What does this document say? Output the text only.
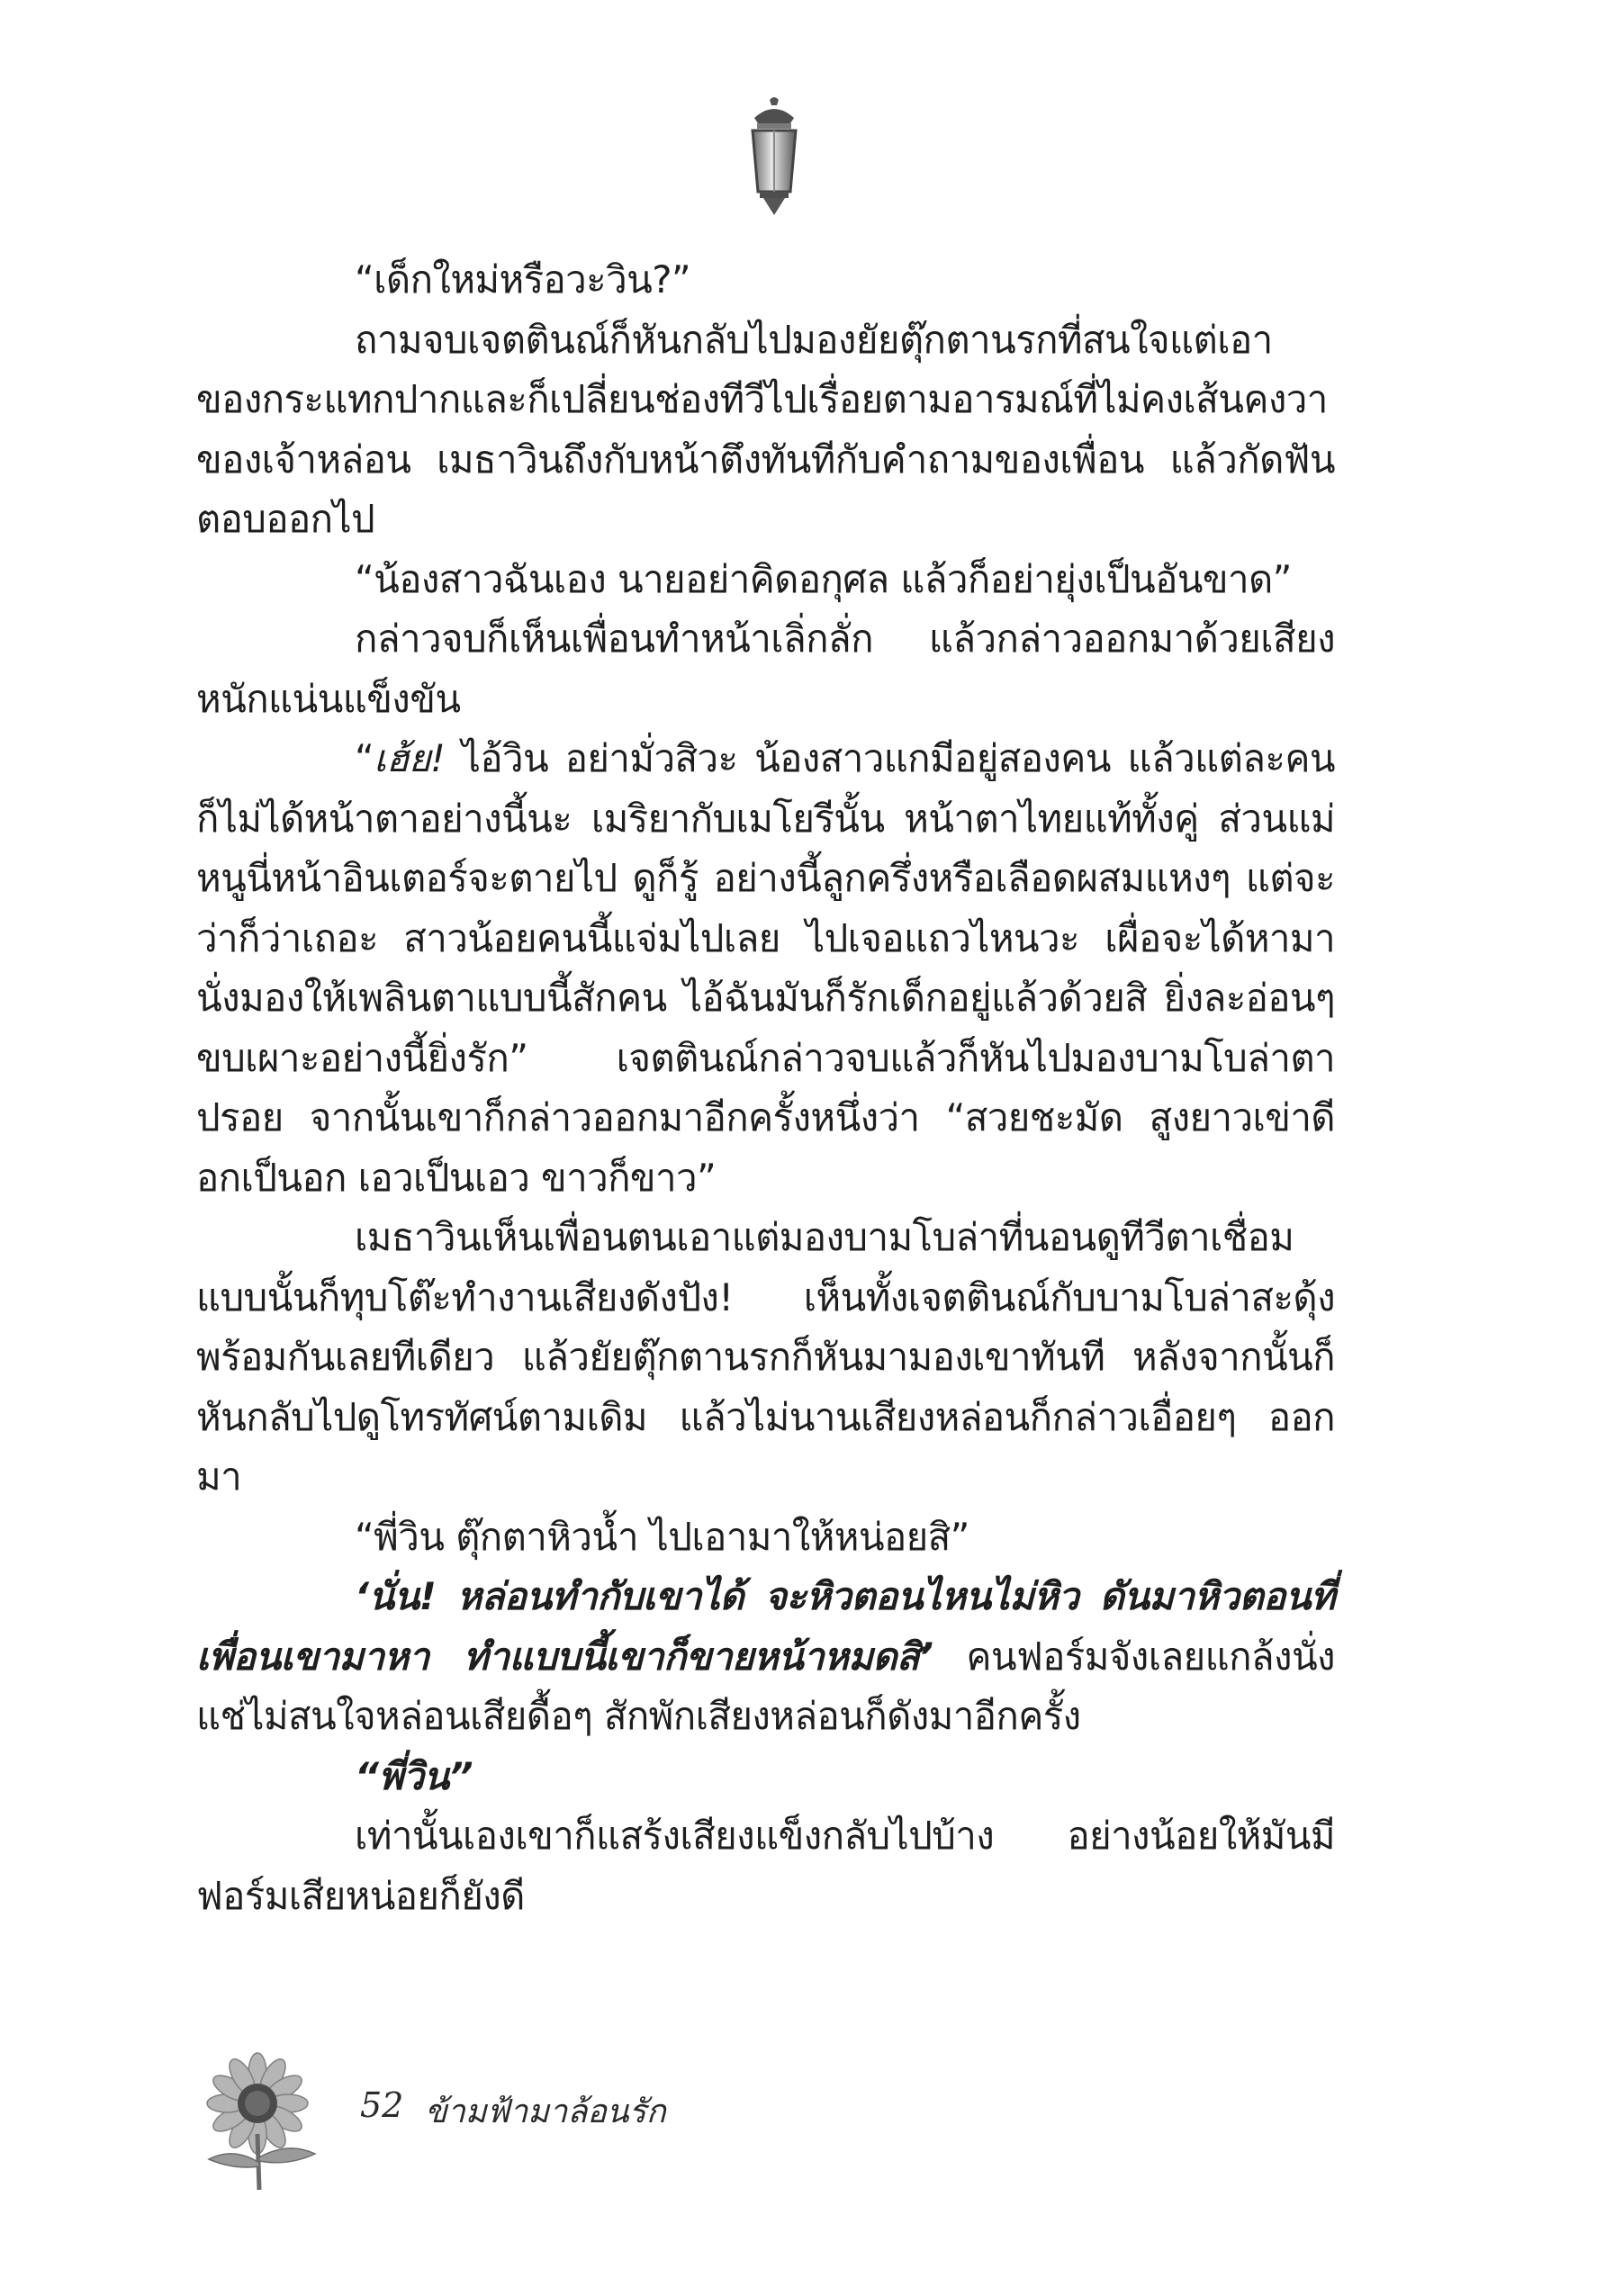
“เด็กใหม่หรือวะวิน?”

ถามจบเจตตินณ์ก็หันกลับไปมองยัยตุ๊กตานรกที่สนใจแต่เอาของกระแทกปากและก็เปลี่ยนช่องทีวีไปเรื่อยตามอารมณ์ที่ไม่คงเส้นคงวาของเจ้าหล่อน เมธาวินถึงกับหน้าตึงทันทีกับคำถามของเพื่อน แล้วกัดฟันตอบออกไป

“น้องสาวฉันเอง นายอย่าคิดอกุศล แล้วก็อย่ายุ่งเป็นอันขาด”

กล่าวจบก็เห็นเพื่อนทำหน้าเลิ่กลั่ก แล้วกล่าวออกมาด้วยเสียงหนักแน่นแข็งขัน

“เฮ้ย! ไอ้วิน อย่ามั่วสิวะ น้องสาวแกมีอยู่สองคน แล้วแต่ละคนก็ไม่ได้หน้าตาอย่างนี้นะ เมริยากับเมโยรีนั้น หน้าตาไทยแท้ทั้งคู่ ส่วนแม่หนูนี่หน้าอินเตอร์จะตายไป ดูก็รู้ อย่างนี้ลูกครึ่งหรือเลือดผสมแหงๆ แต่จะว่าก็ว่าเถอะ สาวน้อยคนนี้แจ่มไปเลย ไปเจอแถวไหนวะ เผื่อจะได้หามานั่งมองให้เพลินตาแบบนี้สักคน ไอ้ฉันมันก็รักเด็กอยู่แล้วด้วยสิ ยิ่งละอ่อนๆ ขบเผาะอย่างนี้ยิ่งรัก” เจตตินณ์กล่าวจบแล้วก็หันไปมองบามโบล่าตาปรอย จากนั้นเขาก็กล่าวออกมาอีกครั้งหนึ่งว่า “สวยชะมัด สูงยาวเข่าดี อกเป็นอก เอวเป็นเอว ขาวก็ขาว”

เมธาวินเห็นเพื่อนตนเอาแต่มองบามโบล่าที่นอนดูทีวีตาเชื่อมแบบนั้นก็ทุบโต๊ะทำงานเสียงดังปัง! เห็นทั้งเจตตินณ์กับบามโบล่าสะดุ้งพร้อมกันเลยทีเดียว แล้วยัยตุ๊กตานรกก็หันมามองเขาทันที หลังจากนั้นก็หันกลับไปดูโทรทัศน์ตามเดิม แล้วไม่นานเสียงหล่อนก็กล่าวเอื่อยๆ ออกมา

“พี่วิน ตุ๊กตาหิวน้ำ ไปเอามาให้หน่อยสิ”

‘นั่น! หล่อนทำกับเขาได้ จะหิวตอนไหนไม่หิว ดันมาหิวตอนที่เพื่อนเขามาหา ทำแบบนี้เขาก็ขายหน้าหมดสิ’ คนฟอร์มจังเลยแกล้งนั่งแช่ไม่สนใจหล่อนเสียดื้อๆ สักพักเสียงหล่อนก็ดังมาอีกครั้ง

“พี่วิน”

เท่านั้นเองเขาก็แสร้งเสียงแข็งกลับไปบ้าง อย่างน้อยให้มันมีฟอร์มเสียหน่อยก็ยังดี

52 ข้ามฟ้ามาล้อนรัก
